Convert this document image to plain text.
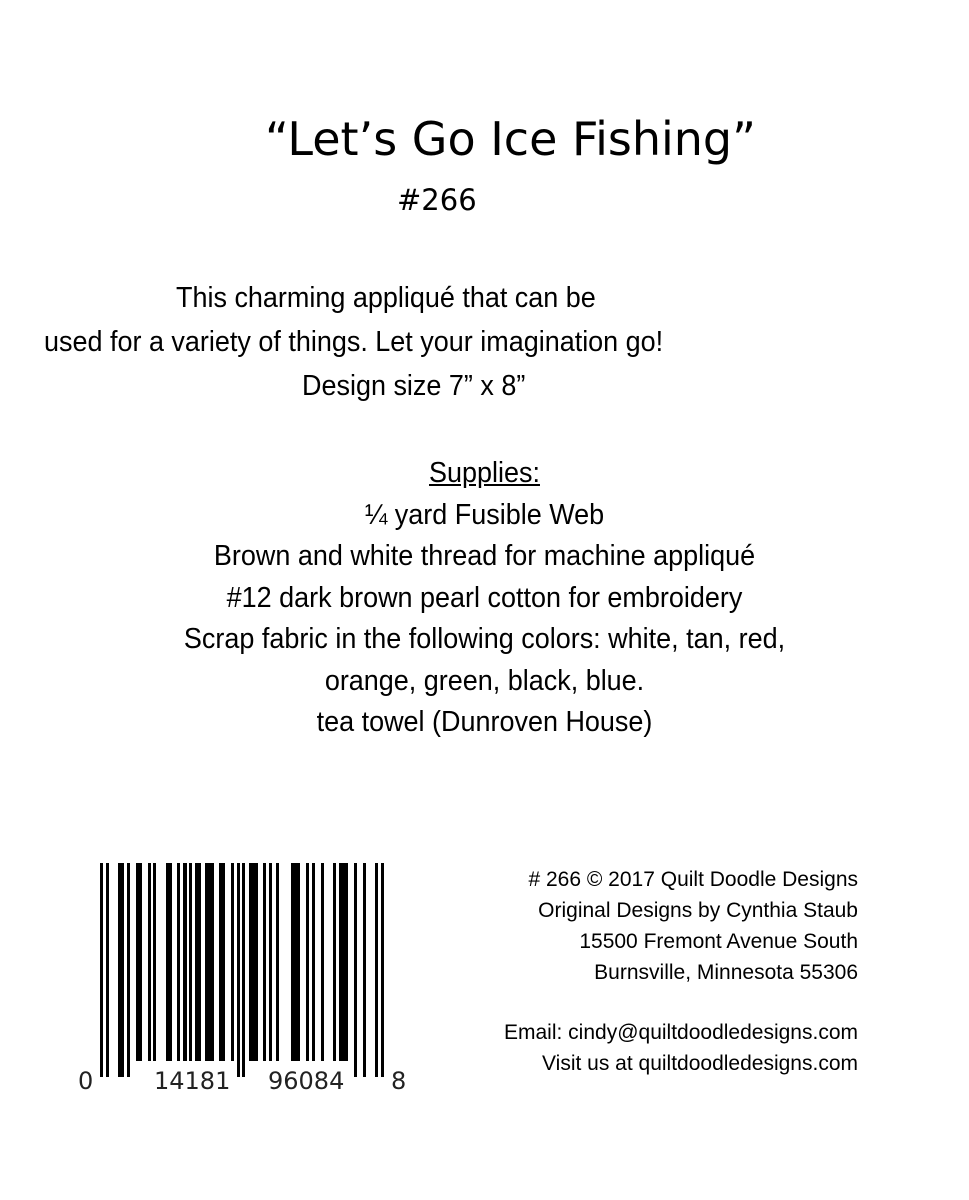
“Let’s Go Ice Fishing”
#266
This charming appliqué that can be
used for a variety of things. Let your imagination go!
Design size 7” x 8”
Supplies:
¼ yard Fusible Web
Brown and white thread for machine appliqué
#12 dark brown pearl cotton for embroidery
Scrap fabric in the following colors: white, tan, red,
orange, green, black, blue.
tea towel (Dunroven House)
0	14181 96084 8
# 266 © 2017 Quilt Doodle Designs
Original Designs by Cynthia Staub
15500 Fremont Avenue South
Burnsville, Minnesota 55306
Email: cindy@quiltdoodledesigns.com
Visit us at quiltdoodledesigns.com
